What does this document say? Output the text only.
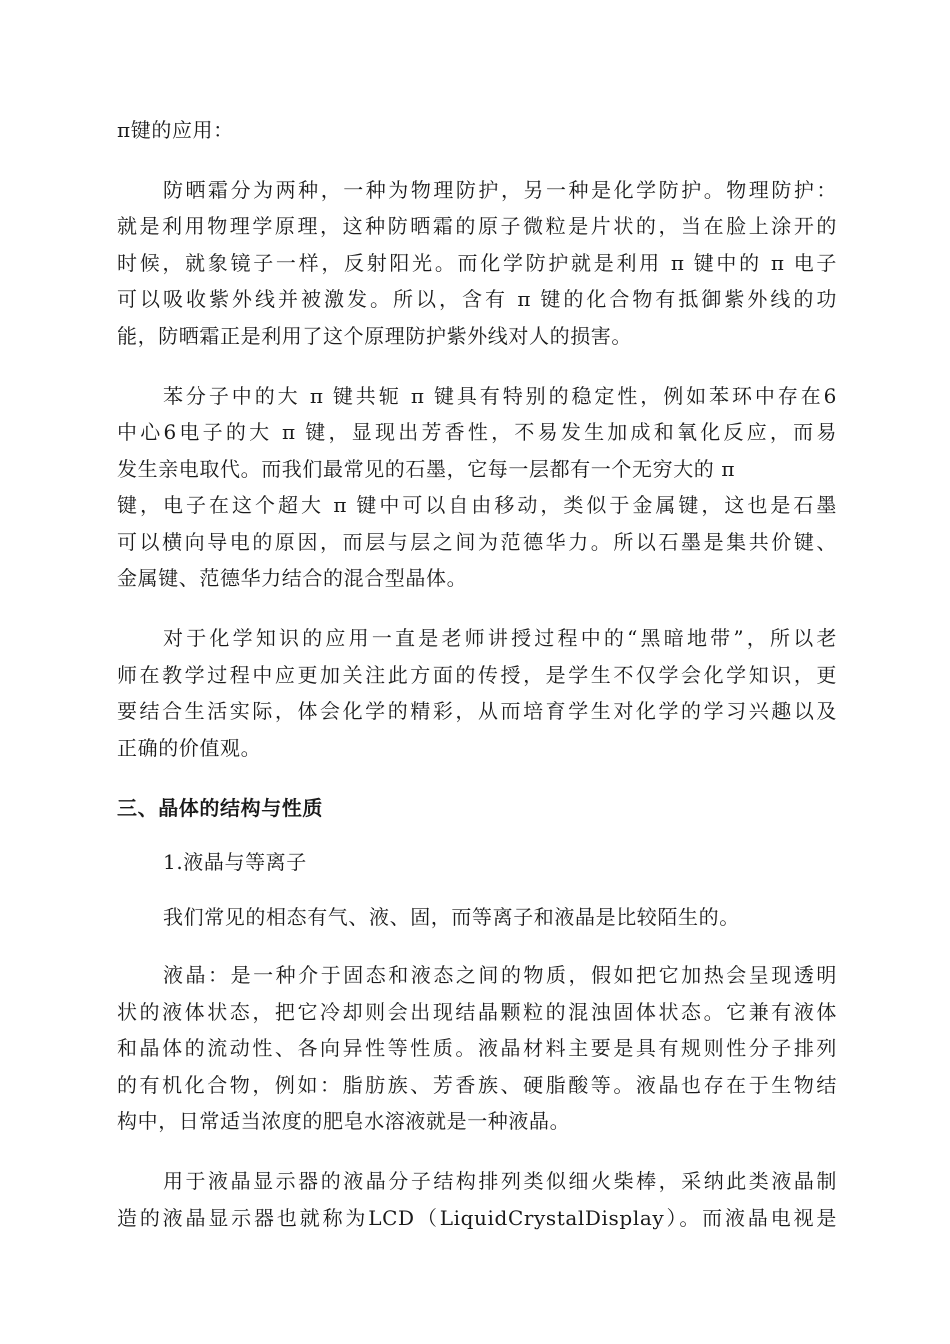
π键的应用：
防晒霜分为两种，一种为物理防护，另一种是化学防护。物理防护：
就是利用物理学原理，这种防晒霜的原子微粒是片状的，当在脸上涂开的
时候，就象镜子一样，反射阳光。而化学防护就是利用 π 键中的 π 电子
可以吸收紫外线并被激发。所以，含有 π 键的化合物有抵御紫外线的功
能，防晒霜正是利用了这个原理防护紫外线对人的损害。
苯分子中的大 π 键共轭 π 键具有特别的稳定性，例如苯环中存在6
中心6电子的大 π 键，显现出芳香性，不易发生加成和氧化反应，而易
发生亲电取代。而我们最常见的石墨，它每一层都有一个无穷大的 π
键，电子在这个超大 π 键中可以自由移动，类似于金属键，这也是石墨
可以横向导电的原因，而层与层之间为范德华力。所以石墨是集共价键、
金属键、范德华力结合的混合型晶体。
对于化学知识的应用一直是老师讲授过程中的“黑暗地带”，所以老
师在教学过程中应更加关注此方面的传授，是学生不仅学会化学知识，更
要结合生活实际，体会化学的精彩，从而培育学生对化学的学习兴趣以及
正确的价值观。
三、晶体的结构与性质
1.液晶与等离子
我们常见的相态有气、液、固，而等离子和液晶是比较陌生的。
液晶：是一种介于固态和液态之间的物质，假如把它加热会呈现透明
状的液体状态，把它冷却则会出现结晶颗粒的混浊固体状态。它兼有液体
和晶体的流动性、各向异性等性质。液晶材料主要是具有规则性分子排列
的有机化合物，例如：脂肪族、芳香族、硬脂酸等。液晶也存在于生物结
构中，日常适当浓度的肥皂水溶液就是一种液晶。
用于液晶显示器的液晶分子结构排列类似细火柴棒，采纳此类液晶制
造的液晶显示器也就称为LCD（LiquidCrystalDisplay）。而液晶电视是
